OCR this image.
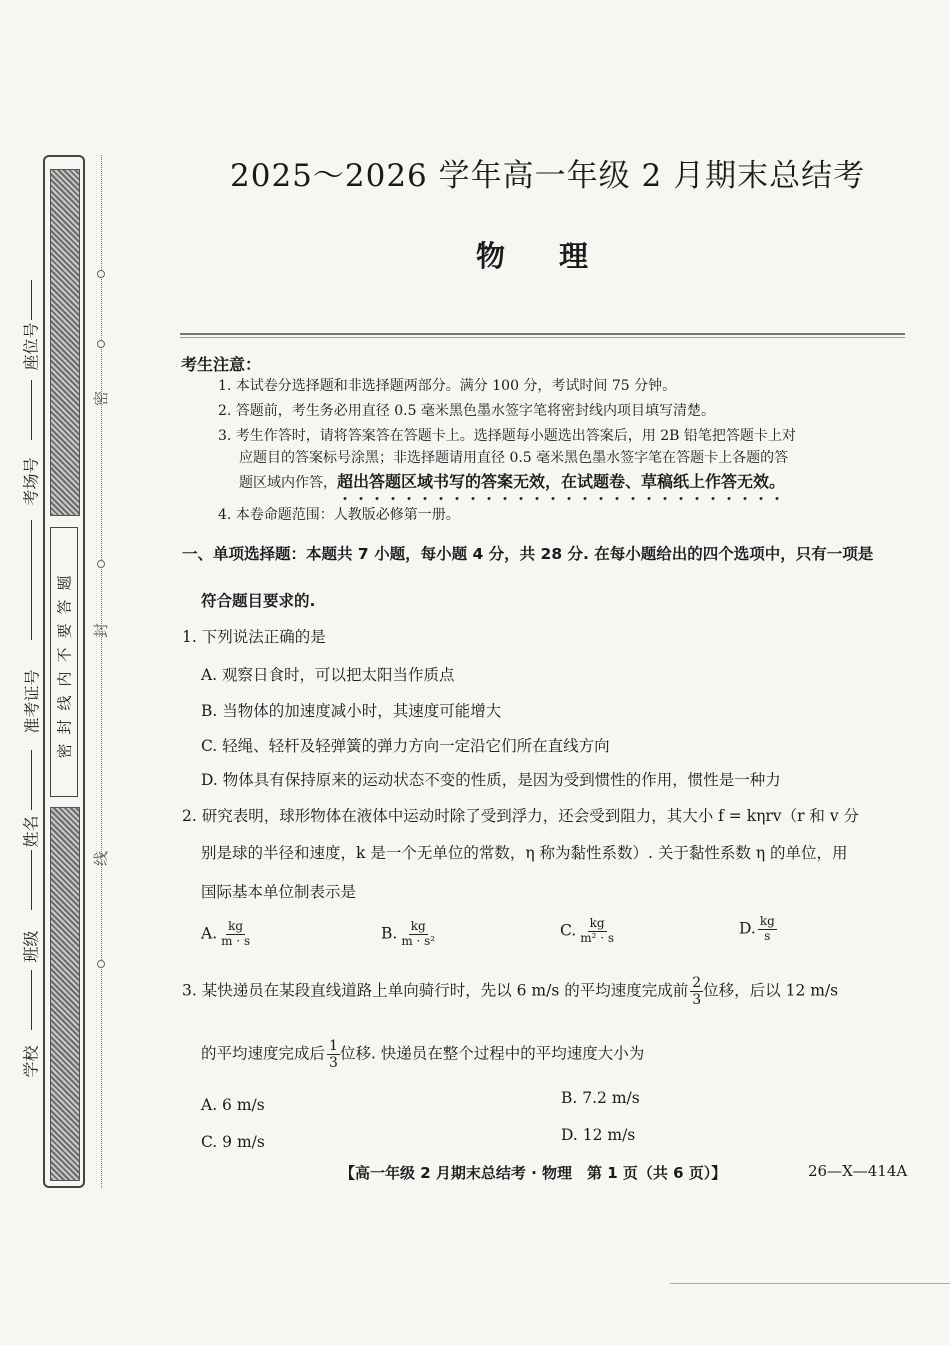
密封线内不要答题
座位号
考场号
准考证号
姓名
班级
学校
密
封
线
2025～2026 学年高一年级 2 月期末总结考
物理
考生注意：
1. 本试卷分选择题和非选择题两部分。满分 100 分，考试时间 75 分钟。
2. 答题前，考生务必用直径 0.5 毫米黑色墨水签字笔将密封线内项目填写清楚。
3. 考生作答时，请将答案答在答题卡上。选择题每小题选出答案后，用 2B 铅笔把答题卡上对
应题目的答案标号涂黑；非选择题请用直径 0.5 毫米黑色墨水签字笔在答题卡上各题的答
题区域内作答，超出答题区域书写的答案无效，在试题卷、草稿纸上作答无效。
4. 本卷命题范围：人教版必修第一册。
一、单项选择题：本题共 7 小题，每小题 4 分，共 28 分. 在每小题给出的四个选项中，只有一项是
符合题目要求的.
1. 下列说法正确的是
A. 观察日食时，可以把太阳当作质点
B. 当物体的加速度减小时，其速度可能增大
C. 轻绳、轻杆及轻弹簧的弹力方向一定沿它们所在直线方向
D. 物体具有保持原来的运动状态不变的性质，是因为受到惯性的作用，惯性是一种力
2. 研究表明，球形物体在液体中运动时除了受到浮力，还会受到阻力，其大小 f = kηrv（r 和 v 分
别是球的半径和速度，k 是一个无单位的常数，η 称为黏性系数）. 关于黏性系数 η 的单位，用
国际基本单位制表示是
A. $\frac{kg}{m \cdot s}$	B. $\frac{kg}{\text{m · s²}}$	C. $\frac{kg}{\text{m² · s}}$	D. $\frac{kg}{s}$
3. 某快递员在某段直线道路上单向骑行时，先以 6 m/s 的平均速度完成前 $\frac{2}{3}$ 位移，后以 12 m/s
的平均速度完成后 $\frac{1}{3}$ 位移. 快递员在整个过程中的平均速度大小为
A. 6 m/s	B. 7.2 m/s
C. 9 m/s	D. 12 m/s
【高一年级 2 月期末总结考 · 物理　第 1 页（共 6 页）】	26—X—414A
